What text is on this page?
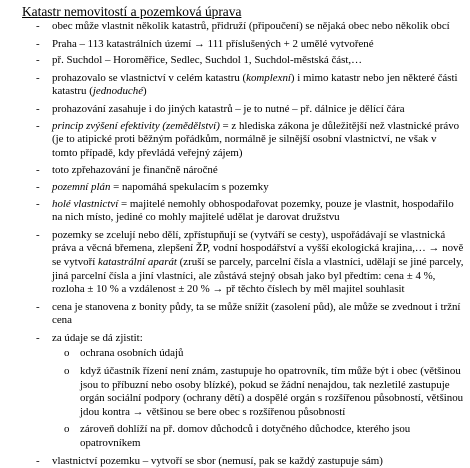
Katastr nemovitostí a pozemková úprava
- obec může vlastnit několik katastrů, přidruží (připoučení) se nějaká obec nebo několik obcí
- Praha – 113 katastrálních území → 111 příslušených + 2 umělé vytvořené
- př. Suchdol – Horoměřice, Sedlec, Suchdol 1, Suchdol-městská část,…
- prohazovalo se vlastnictví v celém katastru (komplexní) i mimo katastr nebo jen některé části katastru (jednoduché)
- prohazování zasahuje i do jiných katastrů – je to nutné – př. dálnice je dělící čára
- princip zvýšení efektivity (zemědělství) = z hlediska zákona je důležitější než vlastnické právo (je to atipické proti běžným pořádkům, normálně je silnější osobní vlastnictví, ne však v tomto případě, kdy převládá veřejný zájem)
- toto zpřehazování je finančně náročné
- pozemní plán = napomáhá spekulacím s pozemky
- holé vlastnictví = majitelé nemohly obhospodařovat pozemky, pouze je vlastnit, hospodařilo na nich místo, jediné co mohly majitelé udělat je darovat družstvu
- pozemky se zcelují nebo dělí, zpřístupňují se (vytváří se cesty), uspořádávají se vlastnická práva a věcná břemena, zlepšení ŽP, vodní hospodářství a vyšší ekologická krajina,… → nově se vytvoří katastrální aparát (zruší se parcely, parcelní čísla a vlastníci, udělají se jiné parcely, jiná parcelní čísla a jiní vlastníci, ale zůstává stejný obsah jako byl předtím: cena ± 4 %, rozloha ± 10 % a vzdálenost ± 20 % → př těchto číslech by měl majitel souhlasit
- cena je stanovena z bonity půdy, ta se může snížit (zasolení půd), ale může se zvednout i tržní cena
- za údaje se dá zjistit:
o ochrana osobních údajů
o když účastník řízení není znám, zastupuje ho opatrovník, tím může být i obec (většinou jsou to příbuzní nebo osoby blízké), pokud se žádní nenajdou, tak nezletilé zastupuje orgán sociální podpory (ochrany dětí) a dospělé orgán s rozšířenou působností, většinou jdou kontra → většinou se bere obec s rozšířenou působností
o zároveň dohlíží na př. domov důchodců i dotyčného důchodce, kterého jsou opatrovníkem
- vlastnictví pozemku – vytvoří se sbor (nemusí, pak se každý zastupuje sám)
